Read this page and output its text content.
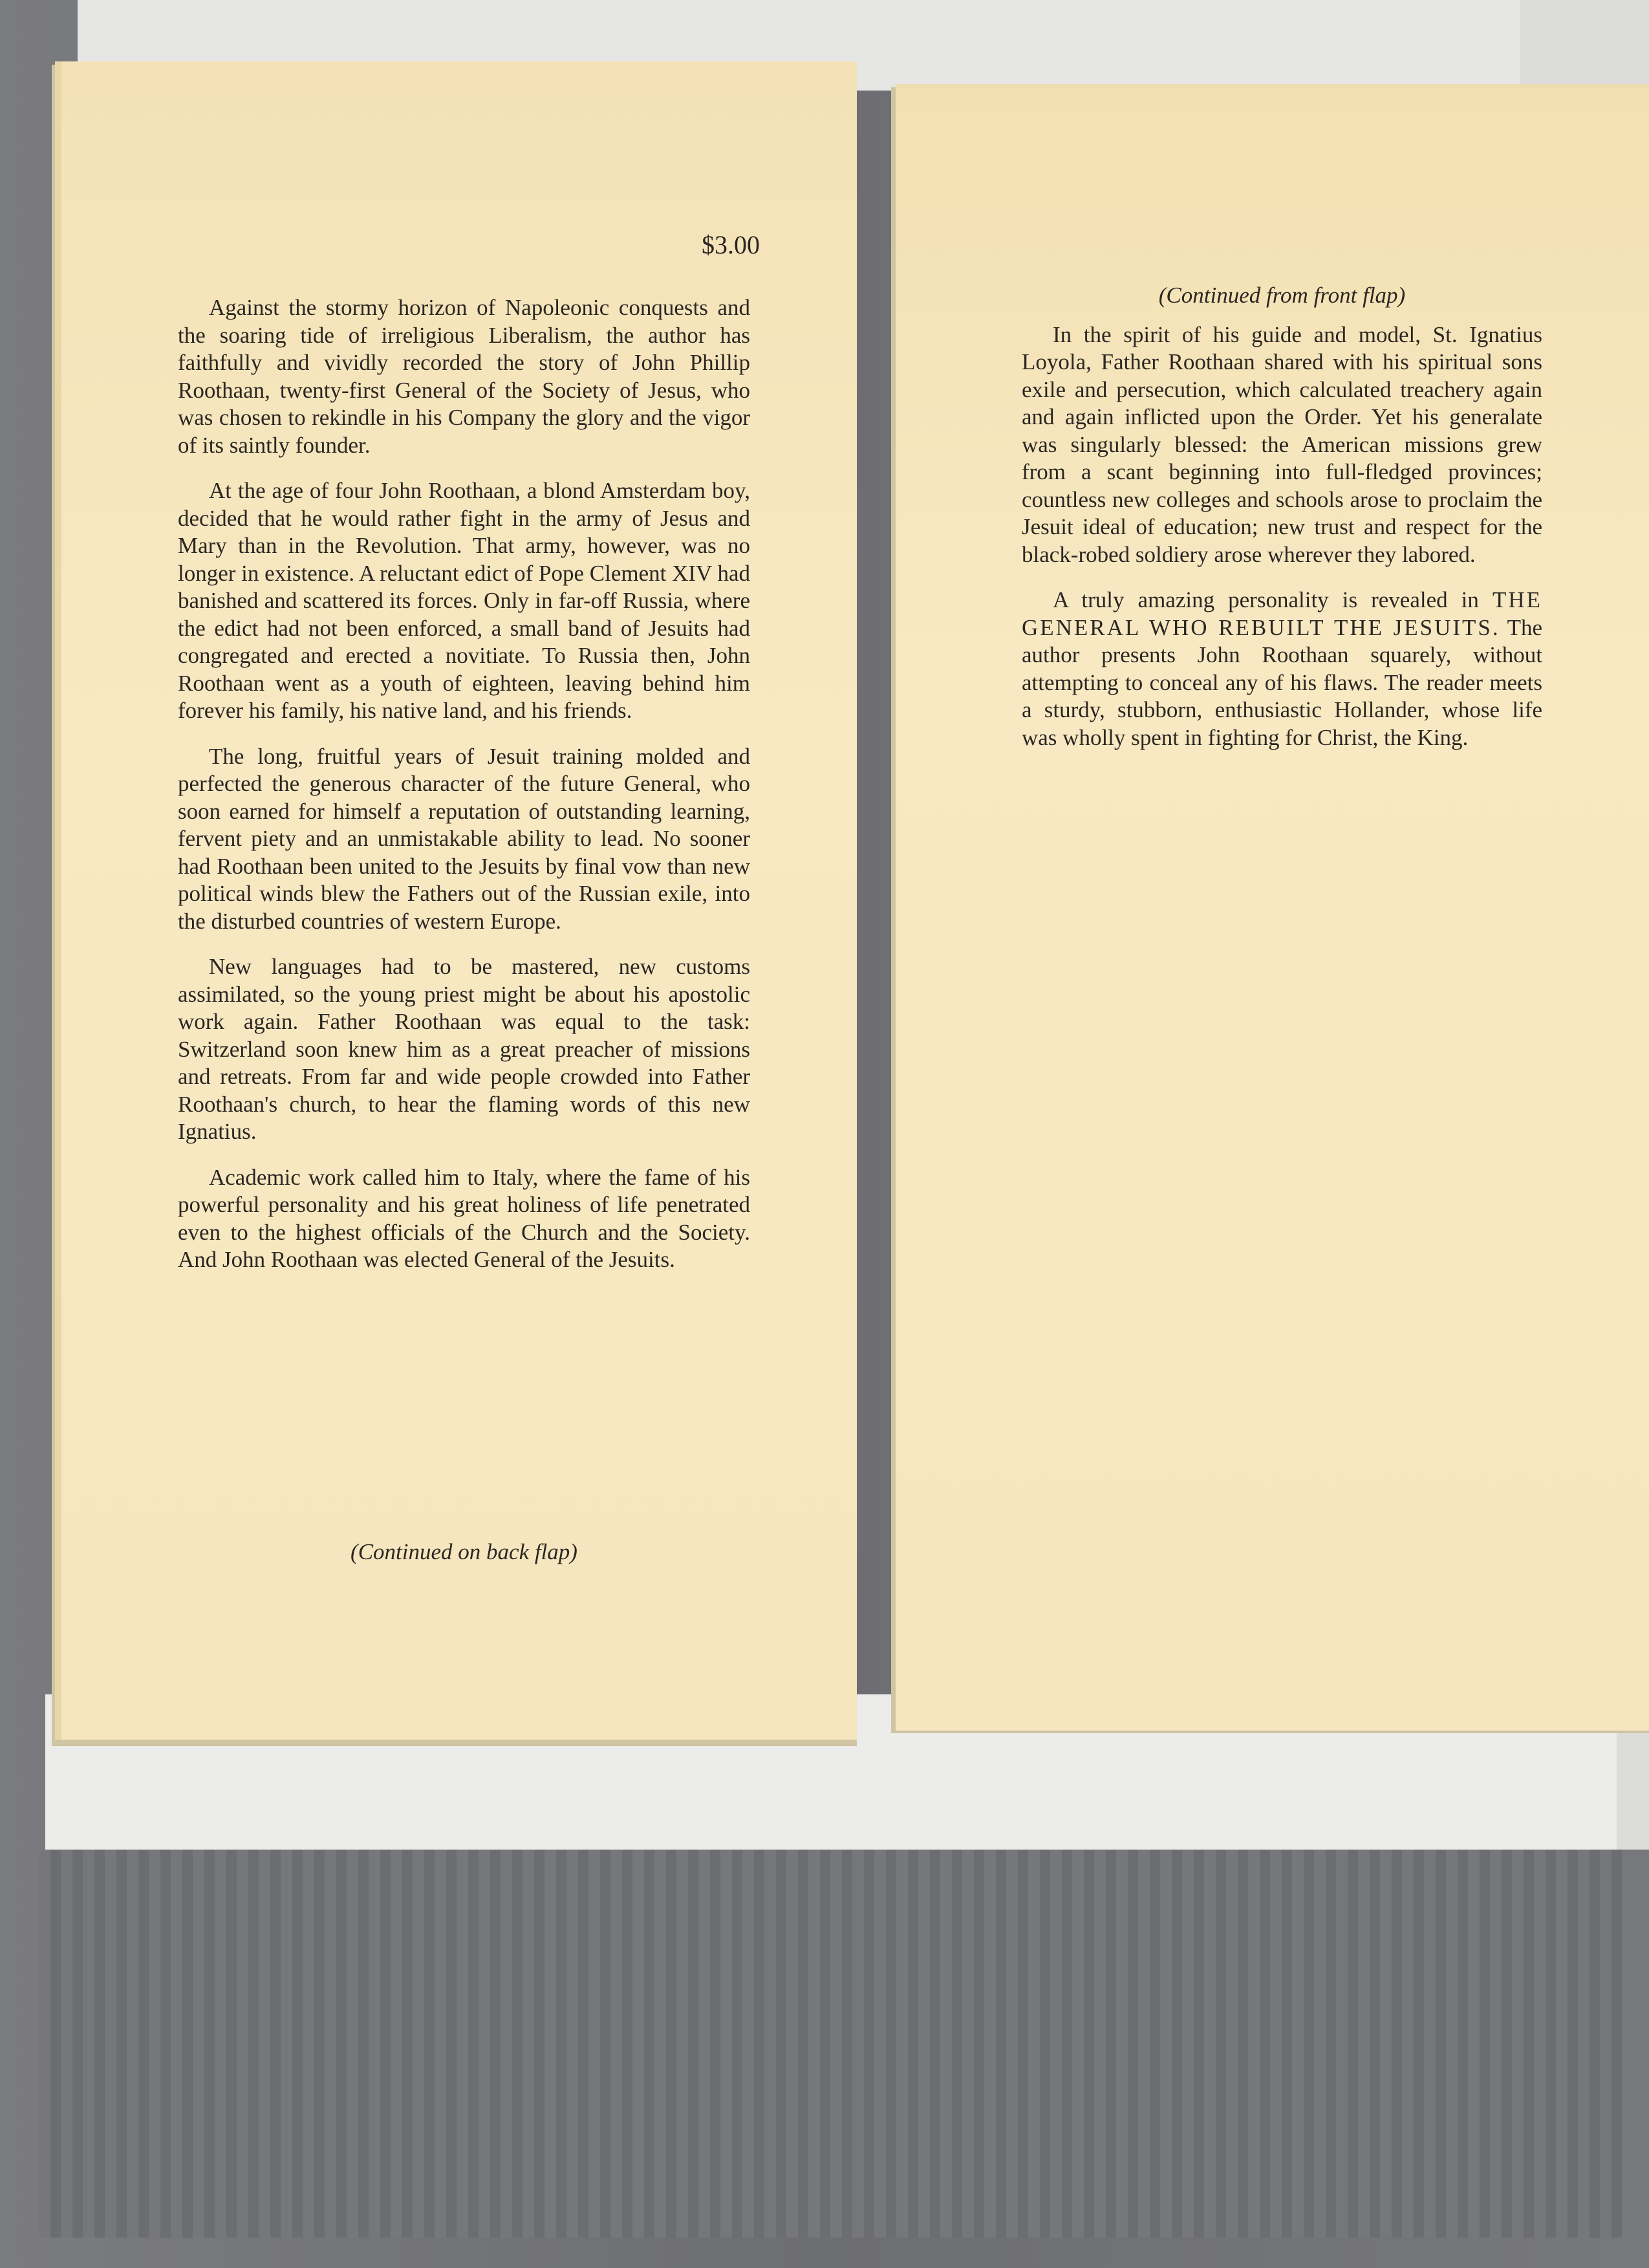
$3.00

Against the stormy horizon of Napoleonic conquests and the soaring tide of irreligious Liberalism, the author has faithfully and vividly recorded the story of John Phillip Roothaan, twenty-first General of the Society of Jesus, who was chosen to rekindle in his Company the glory and the vigor of its saintly founder.

At the age of four John Roothaan, a blond Amsterdam boy, decided that he would rather fight in the army of Jesus and Mary than in the Revolution. That army, however, was no longer in existence. A reluctant edict of Pope Clement XIV had banished and scattered its forces. Only in far-off Russia, where the edict had not been enforced, a small band of Jesuits had congregated and erected a novitiate. To Russia then, John Roothaan went as a youth of eighteen, leaving behind him forever his family, his native land, and his friends.

The long, fruitful years of Jesuit training molded and perfected the generous character of the future General, who soon earned for himself a reputation of outstanding learning, fervent piety and an unmistakable ability to lead. No sooner had Roothaan been united to the Jesuits by final vow than new political winds blew the Fathers out of the Russian exile, into the disturbed countries of western Europe.

New languages had to be mastered, new customs assimilated, so the young priest might be about his apostolic work again. Father Roothaan was equal to the task: Switzerland soon knew him as a great preacher of missions and retreats. From far and wide people crowded into Father Roothaan's church, to hear the flaming words of this new Ignatius.

Academic work called him to Italy, where the fame of his powerful personality and his great holiness of life penetrated even to the highest officials of the Church and the Society. And John Roothaan was elected General of the Jesuits.

(Continued on back flap)
(Continued from front flap)

In the spirit of his guide and model, St. Ignatius Loyola, Father Roothaan shared with his spiritual sons exile and persecution, which calculated treachery again and again inflicted upon the Order. Yet his generalate was singularly blessed: the American missions grew from a scant beginning into full-fledged provinces; countless new colleges and schools arose to proclaim the Jesuit ideal of education; new trust and respect for the black-robed soldiery arose wherever they labored.

A truly amazing personality is revealed in THE GENERAL WHO REBUILT THE JESUITS. The author presents John Roothaan squarely, without attempting to conceal any of his flaws. The reader meets a sturdy, stubborn, enthusiastic Hollander, whose life was wholly spent in fighting for Christ, the King.
